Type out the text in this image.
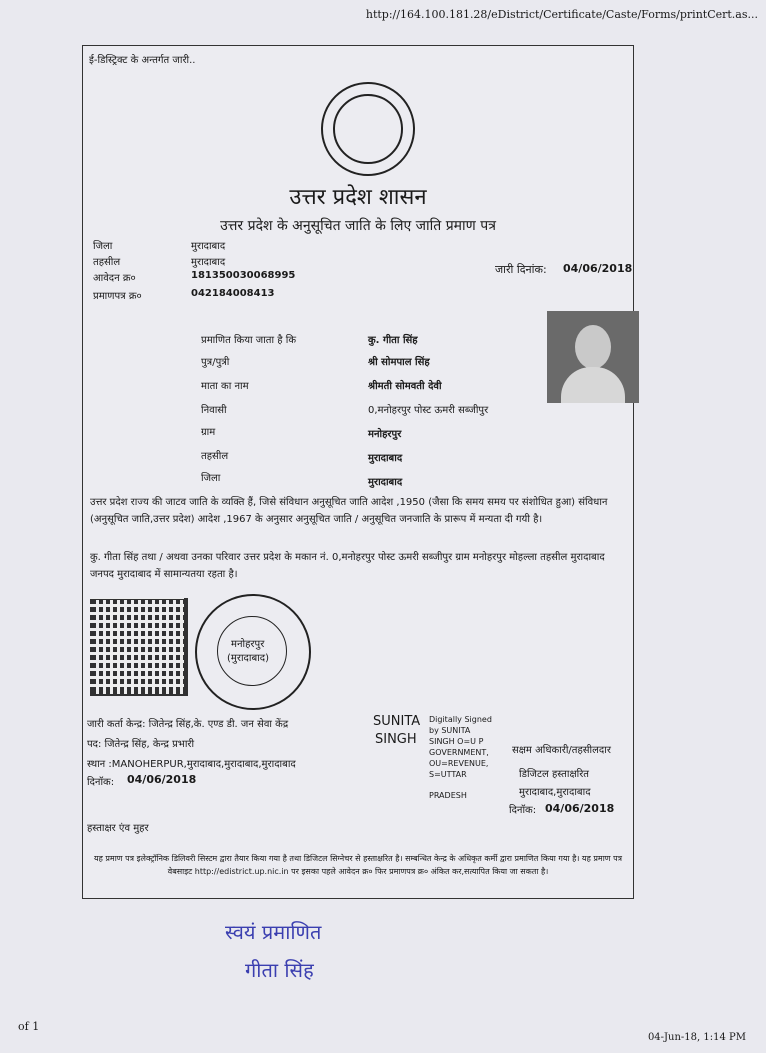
http://164.100.181.28/eDistrict/Certificate/Caste/Forms/printCert.as...
ई-डिस्ट्रिक्ट के अन्तर्गत जारी..
उत्तर प्रदेश शासन
उत्तर प्रदेश के अनुसूचित जाति के लिए जाति प्रमाण पत्र
जिला	मुरादाबाद
तहसील	मुरादाबाद
आवेदन क्र०	181350030068995
प्रमाणपत्र क्र०	042184008413
जारी दिनांक: 04/06/2018
प्रमाणित किया जाता है कि	कु. गीता सिंह
पुत्र/पुत्री	श्री सोमपाल सिंह
माता का नाम	श्रीमती सोमवती देवी
निवासी	0,मनोहरपुर पोस्ट ऊमरी सब्जीपुर
ग्राम	मनोहरपुर
तहसील	मुरादाबाद
जिला	मुरादाबाद
उत्तर प्रदेश राज्य की जाटव जाति के व्यक्ति हैं, जिसे संविधान अनुसूचित जाति आदेश ,1950 (जैसा कि समय समय पर संशोधित हुआ) संविधान (अनुसूचित जाति,उत्तर प्रदेश) आदेश ,1967 के अनुसार अनुसूचित जाति / अनुसूचित जनजाति के प्रारूप में मन्यता दी गयी है।
कु. गीता सिंह तथा / अथवा उनका परिवार उत्तर प्रदेश के मकान नं. 0,मनोहरपुर पोस्ट ऊमरी सब्जीपुर ग्राम मनोहरपुर मोहल्ला तहसील मुरादाबाद जनपद मुरादाबाद में सामान्यतया रहता है।
मनोहरपुर
(मुरादाबाद)
जारी कर्ता केन्द्र: जितेन्द्र सिंह,के. एण्ड डी. जन सेवा केंद्र
पद: जितेन्द्र सिंह, केन्द्र प्रभारी
स्थान :MANOHERPUR,मुरादाबाद,मुरादाबाद,मुरादाबाद
दिनॉक: 04/06/2018
SUNITA
SINGH
Digitally Signed
by SUNITA
SINGH O=U P
GOVERNMENT,
OU=REVENUE,
S=UTTAR
PRADESH
सक्षम अधिकारी/तहसीलदार
डिजिटल हस्ताक्षरित
मुरादाबाद,मुरादाबाद
दिनॉक: 04/06/2018
हस्ताक्षर एंव मुहर
यह प्रमाण पत्र इलेक्ट्रॉनिक डिलिवरी सिस्टम द्वारा तैयार किया गया है तथा डिजिटल सिग्नेचर से हस्ताक्षरित है। सम्बन्धित केन्द्र के अधिकृत कर्मी द्वारा प्रमाणित किया गया है। यह प्रमाण पत्र वेबसाइट http://edistrict.up.nic.in पर इसका पहले आवेदन क्र० फिर प्रमाणपत्र क्र० अंकित कर,सत्यापित किया जा सकता है।
स्वयं प्रमाणित
गीता सिंह
of 1
04-Jun-18, 1:14 PM
